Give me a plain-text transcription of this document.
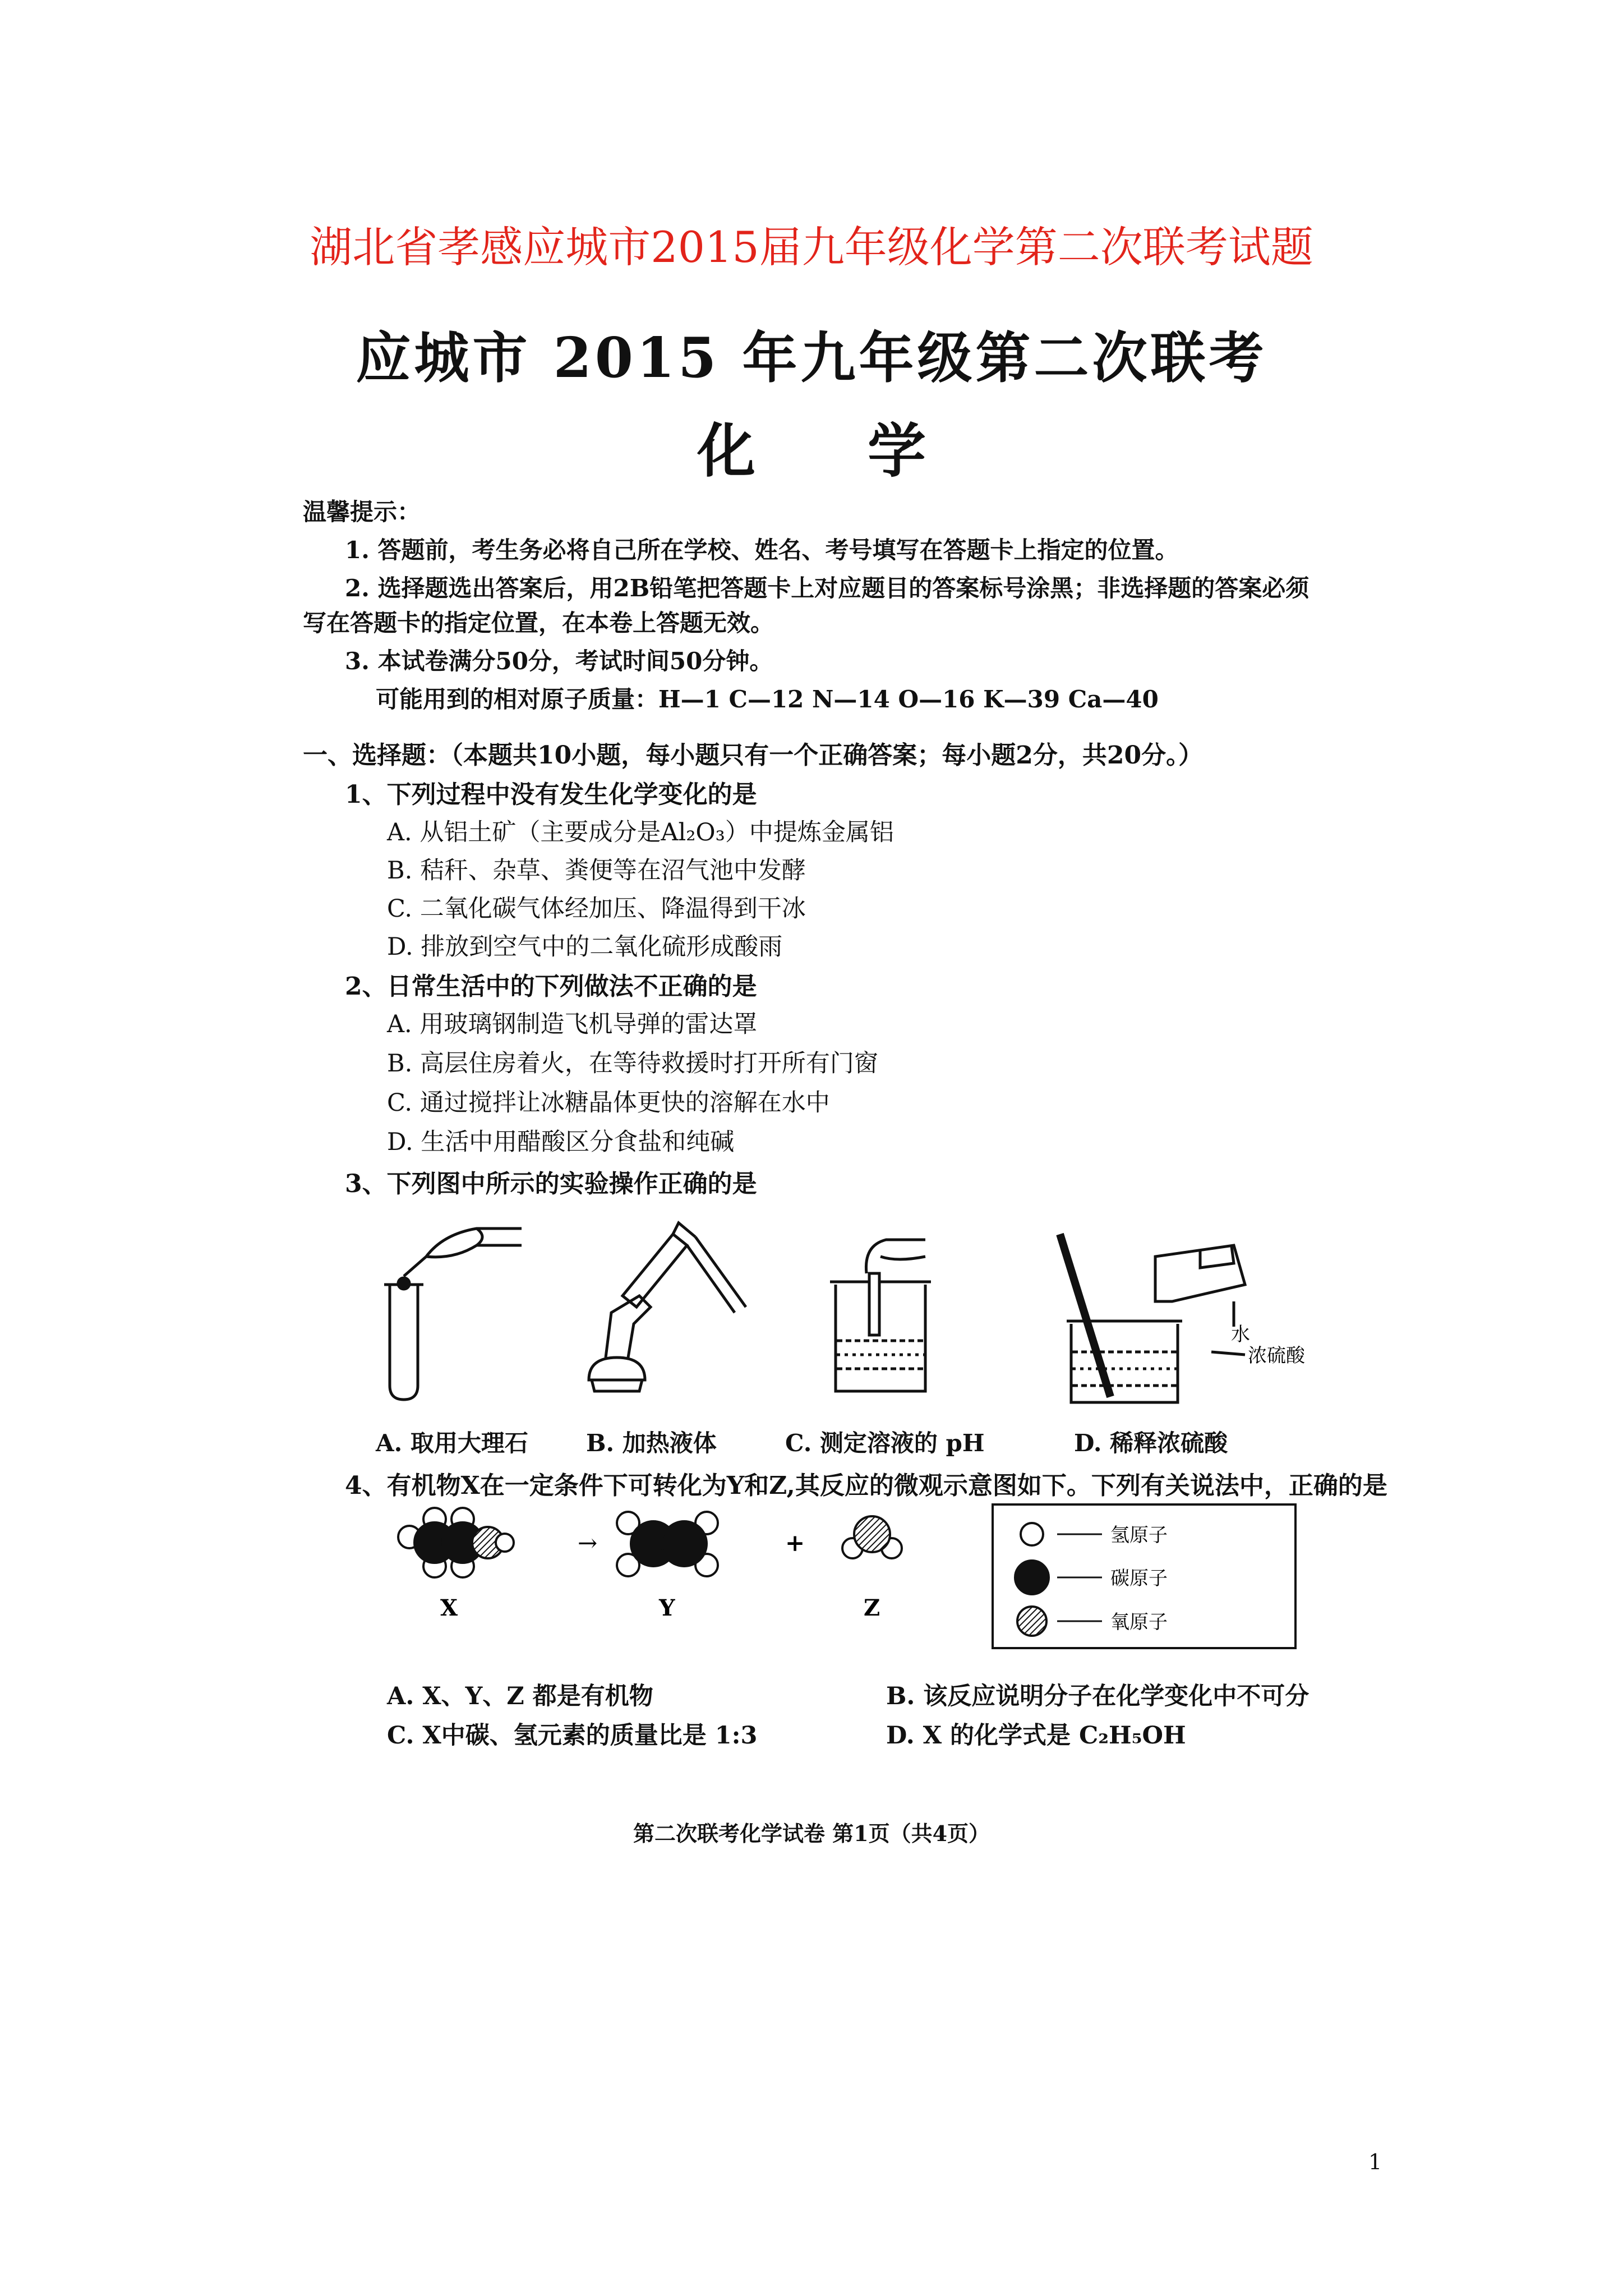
湖北省孝感应城市2015届九年级化学第二次联考试题
应城市 2015 年九年级第二次联考
化学
温馨提示：
1. 答题前，考生务必将自己所在学校、姓名、考号填写在答题卡上指定的位置。
2. 选择题选出答案后，用2B铅笔把答题卡上对应题目的答案标号涂黑；非选择题的答案必须
写在答题卡的指定位置，在本卷上答题无效。
3. 本试卷满分50分，考试时间50分钟。
可能用到的相对原子质量：H—1 C—12 N—14 O—16 K—39 Ca—40
一、选择题：（本题共10小题，每小题只有一个正确答案；每小题2分，共20分。）
1、下列过程中没有发生化学变化的是
A. 从铝土矿（主要成分是Al₂O₃）中提炼金属铝
B. 秸秆、杂草、粪便等在沼气池中发酵
C. 二氧化碳气体经加压、降温得到干冰
D. 排放到空气中的二氧化硫形成酸雨
2、日常生活中的下列做法不正确的是
A. 用玻璃钢制造飞机导弹的雷达罩
B. 高层住房着火，在等待救援时打开所有门窗
C. 通过搅拌让冰糖晶体更快的溶解在水中
D. 生活中用醋酸区分食盐和纯碱
3、下列图中所示的实验操作正确的是
水
浓硫酸
A. 取用大理石 B. 加热液体	C. 测定溶液的 pH	D. 稀释浓硫酸
4、有机物X在一定条件下可转化为Y和Z,其反应的微观示意图如下。下列有关说法中，正确的是
→	+
X	Y	Z
氢原子
碳原子
氧原子
A. X、Y、Z 都是有机物	B. 该反应说明分子在化学变化中不可分
C. X中碳、氢元素的质量比是 1:3	D. X 的化学式是 C₂H₅OH
第二次联考化学试卷 第1页（共4页）
1
